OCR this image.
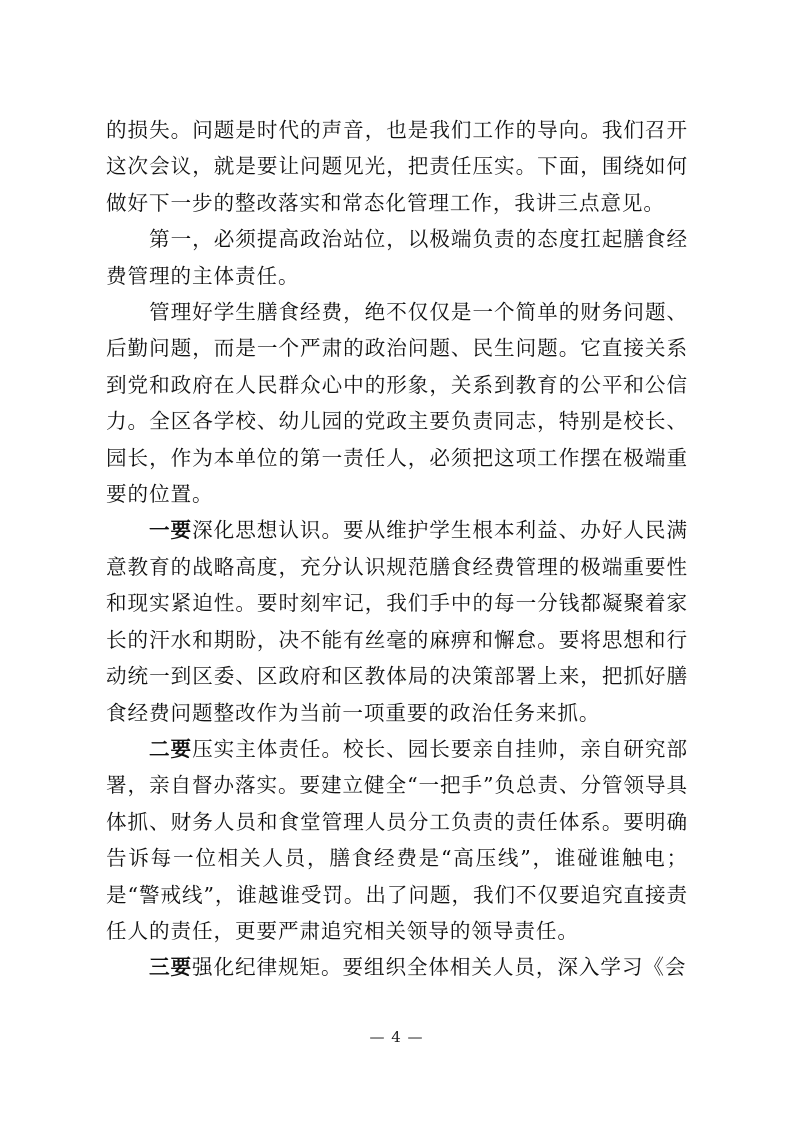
的损失。问题是时代的声音，也是我们工作的导向。我们召开这次会议，就是要让问题见光，把责任压实。下面，围绕如何做好下一步的整改落实和常态化管理工作，我讲三点意见。

第一，必须提高政治站位，以极端负责的态度扛起膳食经费管理的主体责任。

管理好学生膳食经费，绝不仅仅是一个简单的财务问题、后勤问题，而是一个严肃的政治问题、民生问题。它直接关系到党和政府在人民群众心中的形象，关系到教育的公平和公信力。全区各学校、幼儿园的党政主要负责同志，特别是校长、园长，作为本单位的第一责任人，必须把这项工作摆在极端重要的位置。

一要深化思想认识。要从维护学生根本利益、办好人民满意教育的战略高度，充分认识规范膳食经费管理的极端重要性和现实紧迫性。要时刻牢记，我们手中的每一分钱都凝聚着家长的汗水和期盼，决不能有丝毫的麻痹和懈怠。要将思想和行动统一到区委、区政府和区教体局的决策部署上来，把抓好膳食经费问题整改作为当前一项重要的政治任务来抓。

二要压实主体责任。校长、园长要亲自挂帅，亲自研究部署，亲自督办落实。要建立健全“一把手”负总责、分管领导具体抓、财务人员和食堂管理人员分工负责的责任体系。要明确告诉每一位相关人员，膳食经费是“高压线”，谁碰谁触电；是“警戒线”，谁越谁受罚。出了问题，我们不仅要追究直接责任人的责任，更要严肃追究相关领导的领导责任。

三要强化纪律规矩。要组织全体相关人员，深入学习《会

— 4 —
